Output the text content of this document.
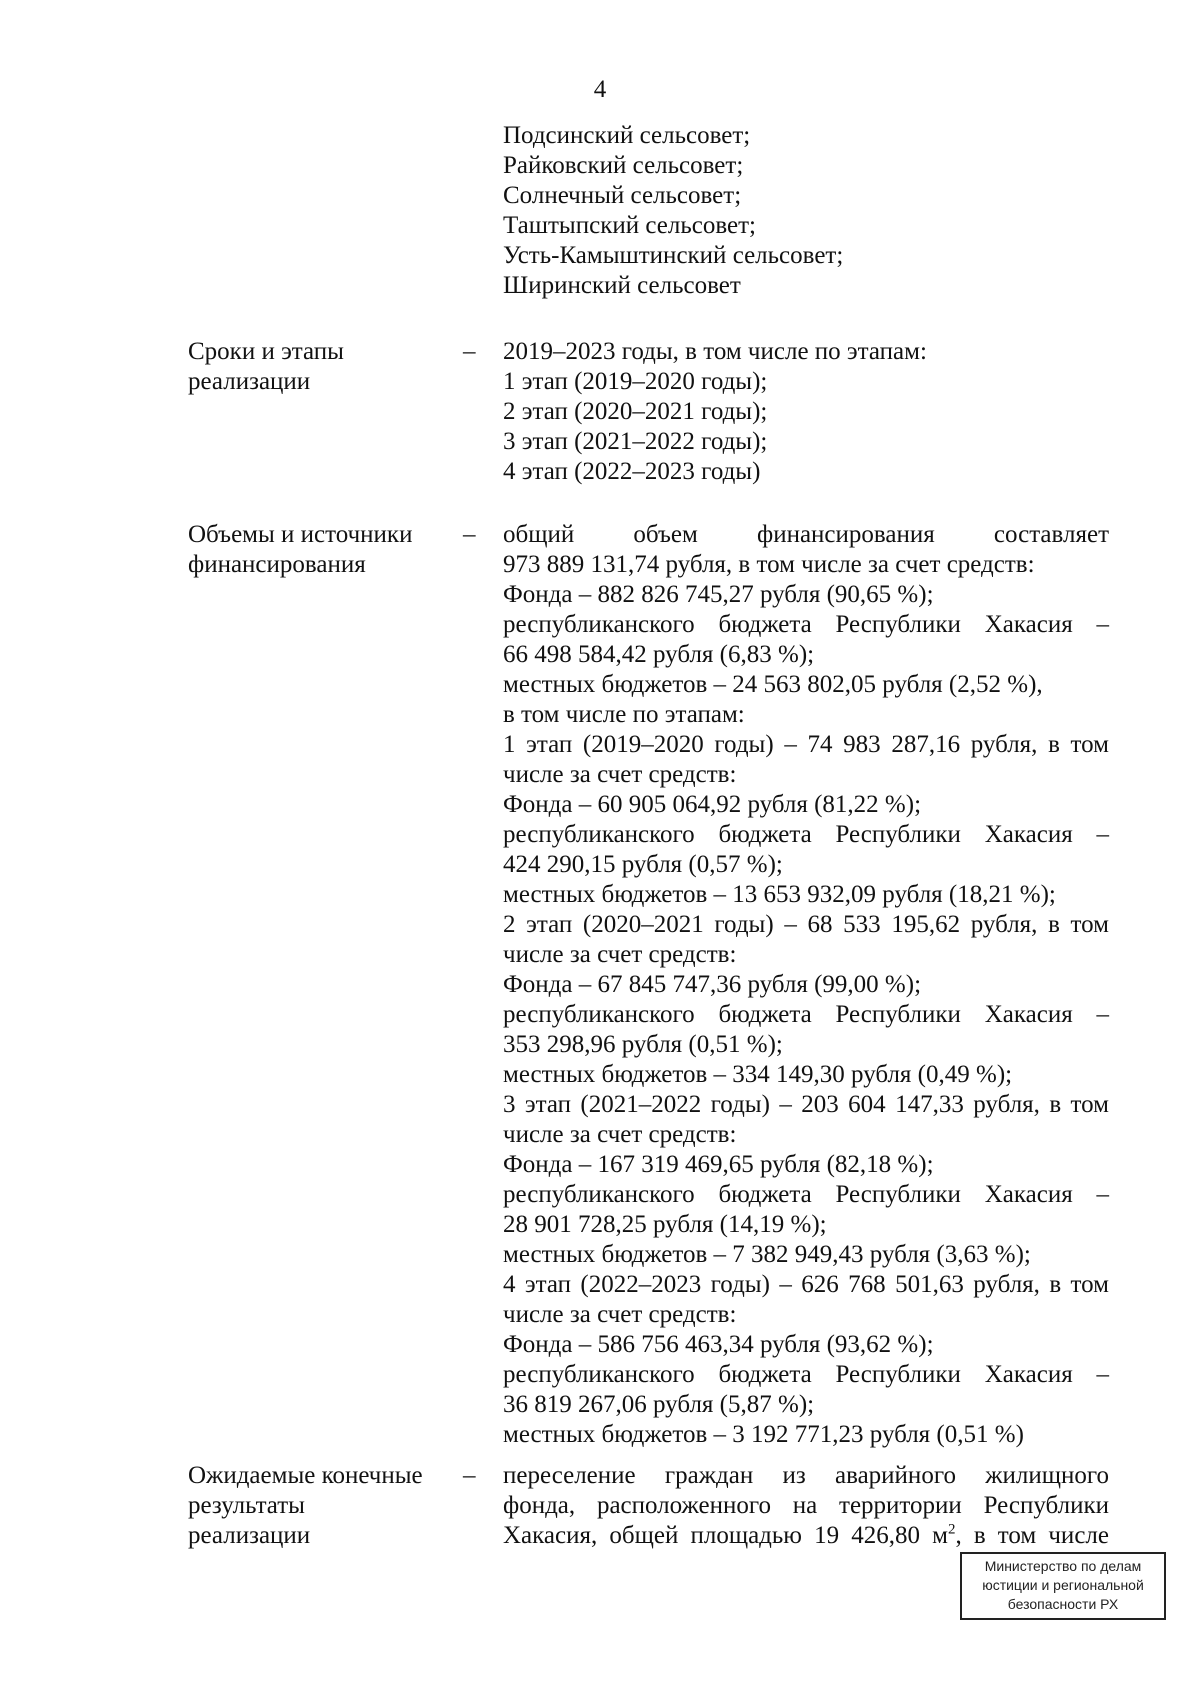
4
Подсинский сельсовет;
Райковский сельсовет;
Солнечный сельсовет;
Таштыпский сельсовет;
Усть-Камыштинский сельсовет;
Ширинский сельсовет
Сроки и этапы
реализации
– 2019–2023 годы, в том числе по этапам:
1 этап (2019–2020 годы);
2 этап (2020–2021 годы);
3 этап (2021–2022 годы);
4 этап (2022–2023 годы)
Объемы и источники
финансирования
– общий объем финансирования составляет
973 889 131,74 рубля, в том числе за счет средств:
Фонда – 882 826 745,27 рубля (90,65 %);
республиканского бюджета Республики Хакасия –
66 498 584,42 рубля (6,83 %);
местных бюджетов – 24 563 802,05 рубля (2,52 %),
в том числе по этапам:
1 этап (2019–2020 годы) – 74 983 287,16 рубля, в том
числе за счет средств:
Фонда – 60 905 064,92 рубля (81,22 %);
республиканского бюджета Республики Хакасия –
424 290,15 рубля (0,57 %);
местных бюджетов – 13 653 932,09 рубля (18,21 %);
2 этап (2020–2021 годы) – 68 533 195,62 рубля, в том
числе за счет средств:
Фонда – 67 845 747,36 рубля (99,00 %);
республиканского бюджета Республики Хакасия –
353 298,96 рубля (0,51 %);
местных бюджетов – 334 149,30 рубля (0,49 %);
3 этап (2021–2022 годы) – 203 604 147,33 рубля, в том
числе за счет средств:
Фонда – 167 319 469,65 рубля (82,18 %);
республиканского бюджета Республики Хакасия –
28 901 728,25 рубля (14,19 %);
местных бюджетов – 7 382 949,43 рубля (3,63 %);
4 этап (2022–2023 годы) – 626 768 501,63 рубля, в том
числе за счет средств:
Фонда – 586 756 463,34 рубля (93,62 %);
республиканского бюджета Республики Хакасия –
36 819 267,06 рубля (5,87 %);
местных бюджетов – 3 192 771,23 рубля (0,51 %)
Ожидаемые конечные
результаты
реализации
– переселение граждан из аварийного жилищного
фонда, расположенного на территории Республики
Хакасия, общей площадью 19 426,80 $м^2$, в том числе
Министерство по делам
юстиции и региональной
безопасности РХ
